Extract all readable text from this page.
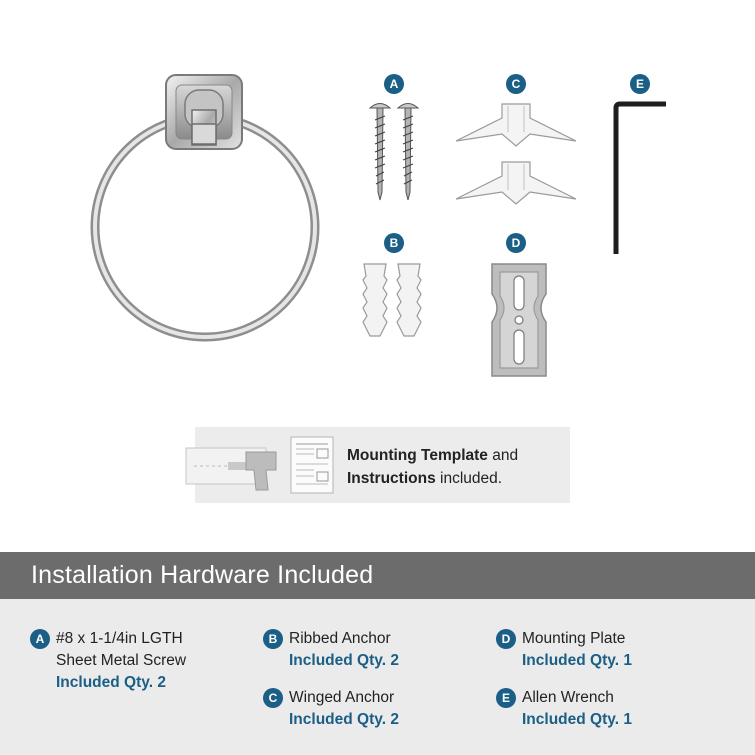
A	C	E
B	D
Mounting Template and
Instructions included.
Installation Hardware Included
A #8 x 1-1/4in LGTH
Sheet Metal Screw
Included Qty. 2
B Ribbed Anchor
Included Qty. 2
C Winged Anchor
Included Qty. 2
D Mounting Plate
Included Qty. 1
E Allen Wrench
Included Qty. 1
